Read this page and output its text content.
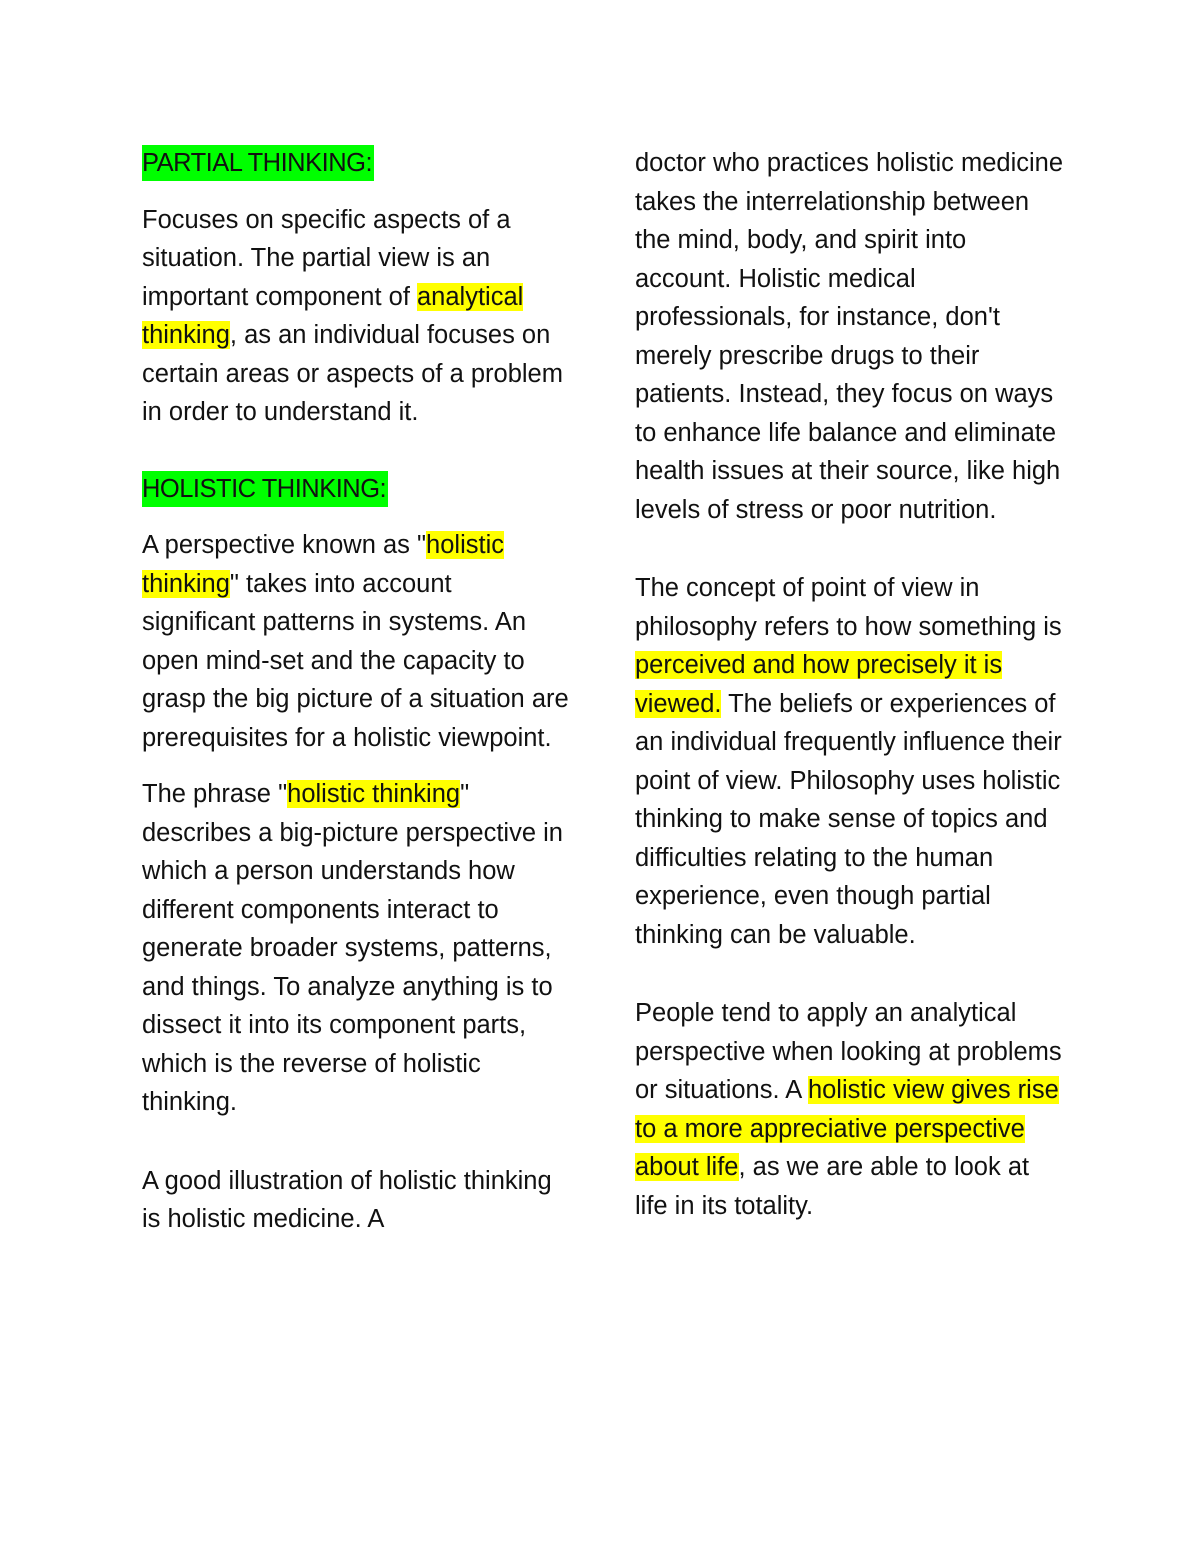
PARTIAL THINKING:

Focuses on specific aspects of a situation. The partial view is an important component of analytical thinking, as an individual focuses on certain areas or aspects of a problem in order to understand it.

HOLISTIC THINKING:

A perspective known as "holistic thinking" takes into account significant patterns in systems. An open mind-set and the capacity to grasp the big picture of a situation are prerequisites for a holistic viewpoint.

The phrase "holistic thinking" describes a big-picture perspective in which a person understands how different components interact to generate broader systems, patterns, and things. To analyze anything is to dissect it into its component parts, which is the reverse of holistic thinking.

A good illustration of holistic thinking is holistic medicine. A

doctor who practices holistic medicine takes the interrelationship between the mind, body, and spirit into account. Holistic medical professionals, for instance, don't merely prescribe drugs to their patients. Instead, they focus on ways to enhance life balance and eliminate health issues at their source, like high levels of stress or poor nutrition.

The concept of point of view in philosophy refers to how something is perceived and how precisely it is viewed. The beliefs or experiences of an individual frequently influence their point of view. Philosophy uses holistic thinking to make sense of topics and difficulties relating to the human experience, even though partial thinking can be valuable.

People tend to apply an analytical perspective when looking at problems or situations. A holistic view gives rise to a more appreciative perspective about life, as we are able to look at life in its totality.
